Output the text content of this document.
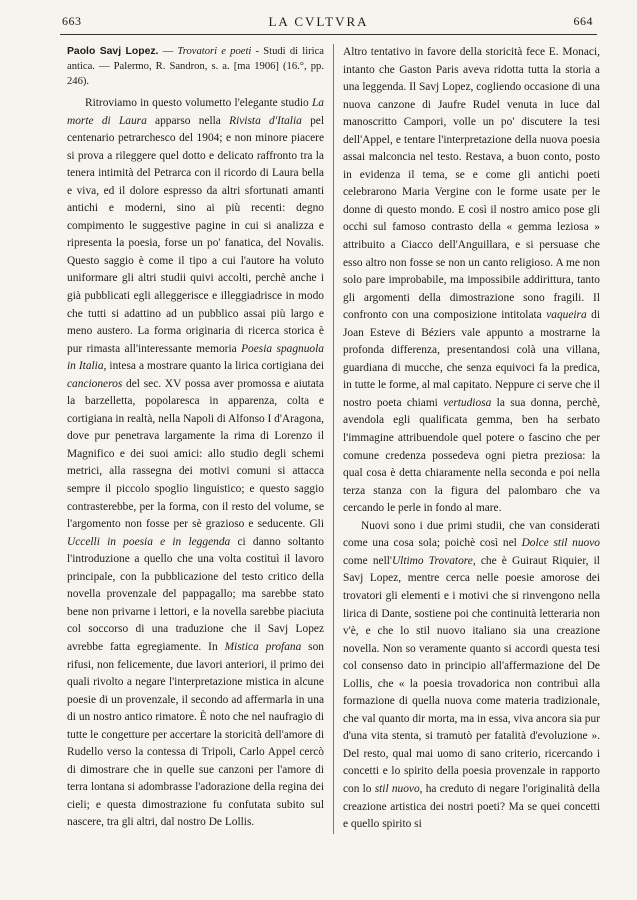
663	LA CVLTVRA	664

Paolo Savj Lopez. — Trovatori e poeti - Studi di lirica antica. — Palermo, R. Sandron, s. a. [ma 1906] (16.°, pp. 246).

Ritroviamo in questo volumetto l'elegante studio La morte di Laura apparso nella Rivista d'Italia pel centenario petrarchesco del 1904; e non minore piacere si prova a rileggere quel dotto e delicato raffronto tra la tenera intimità del Petrarca con il ricordo di Laura bella e viva, ed il dolore espresso da altri sfortunati amanti antichi e moderni, sino ai più recenti: degno compimento le suggestive pagine in cui si analizza e ripresenta la poesia, forse un po' fanatica, del Novalis. Questo saggio è come il tipo a cui l'autore ha voluto uniformare gli altri studii quivi accolti, perchè anche i già pubblicati egli alleggerisce e illeggiadrisce in modo che tutti si adattino ad un pubblico assai più largo e meno austero. La forma originaria di ricerca storica è pur rimasta all'interessante memoria Poesia spagnuola in Italia, intesa a mostrare quanto la lirica cortigiana dei cancioneros del sec. XV possa aver promossa e aiutata la barzelletta, popolaresca in apparenza, colta e cortigiana in realtà, nella Napoli di Alfonso I d'Aragona, dove pur penetrava largamente la rima di Lorenzo il Magnifico e dei suoi amici: allo studio degli schemi metrici, alla rassegna dei motivi comuni si attacca sempre il piccolo spoglio linguistico; e questo saggio contrasterebbe, per la forma, con il resto del volume, se l'argomento non fosse per sè grazioso e seducente. Gli Uccelli in poesia e in leggenda ci danno soltanto l'introduzione a quello che una volta costituì il lavoro principale, con la pubblicazione del testo critico della novella provenzale del pappagallo; ma sarebbe stato bene non privarne i lettori, e la novella sarebbe piaciuta col soccorso di una traduzione che il Savj Lopez avrebbe fatta egregiamente. In Mistica profana son rifusi, non felicemente, due lavori anteriori, il primo dei quali rivolto a negare l'interpretazione mistica in alcune poesie di un provenzale, il secondo ad affermarla in una di un nostro antico rimatore. È noto che nel naufragio di tutte le congetture per accertare la storicità dell'amore di Rudello verso la contessa di Tripoli, Carlo Appel cercò di dimostrare che in quelle sue canzoni per l'amore di terra lontana si adombrasse l'adorazione della regina dei cieli; e questa dimostrazione fu confutata subito sul nascere, tra gli altri, dal nostro De Lollis.

Altro tentativo in favore della storicità fece E. Monaci, intanto che Gaston Paris aveva ridotta tutta la storia a una leggenda. Il Savj Lopez, cogliendo occasione di una nuova canzone di Jaufre Rudel venuta in luce dal manoscritto Campori, volle un po' discutere la tesi dell'Appel, e tentare l'interpretazione della nuova poesia assai malconcia nel testo. Restava, a buon conto, posto in evidenza il tema, se e come gli antichi poeti celebrarono Maria Vergine con le forme usate per le donne di questo mondo. E così il nostro amico pose gli occhi sul famoso contrasto della « gemma leziosa » attribuito a Ciacco dell'Anguillara, e si persuase che esso altro non fosse se non un canto religioso. A me non solo pare improbabile, ma impossibile addirittura, tanto gli argomenti della dimostrazione sono fragili. Il confronto con una composizione intitolata vaqueira di Joan Esteve di Béziers vale appunto a mostrarne la profonda differenza, presentandosi colà una villana, guardiana di mucche, che senza equivoci fa la predica, in tutte le forme, al mal capitato. Neppure ci serve che il nostro poeta chiami vertudiosa la sua donna, perchè, avendola egli qualificata gemma, ben ha serbato l'immagine attribuendole quel potere o fascino che per comune credenza possedeva ogni pietra preziosa: la qual cosa è detta chiaramente nella seconda e poi nella terza stanza con la figura del palombaro che va cercando le perle in fondo al mare.

Nuovi sono i due primi studii, che van considerati come una cosa sola; poichè così nel Dolce stil nuovo come nell'Ultimo Trovatore, che è Guiraut Riquier, il Savj Lopez, mentre cerca nelle poesie amorose dei trovatori gli elementi e i motivi che si rinvengono nella lirica di Dante, sostiene poi che continuità letteraria non v'è, e che lo stil nuovo italiano sia una creazione novella. Non so veramente quanto si accordi questa tesi col consenso dato in principio all'affermazione del De Lollis, che « la poesia trovadorica non contribuì alla formazione di quella nuova come materia tradizionale, che val quanto dir morta, ma in essa, viva ancora sia pur d'una vita stenta, si tramutò per fatalità d'evoluzione ». Del resto, qual mai uomo di sano criterio, ricercando i concetti e lo spirito della poesia provenzale in rapporto con lo stil nuovo, ha creduto di negare l'originalità della creazione artistica dei nostri poeti? Ma se quei concetti e quello spirito si
